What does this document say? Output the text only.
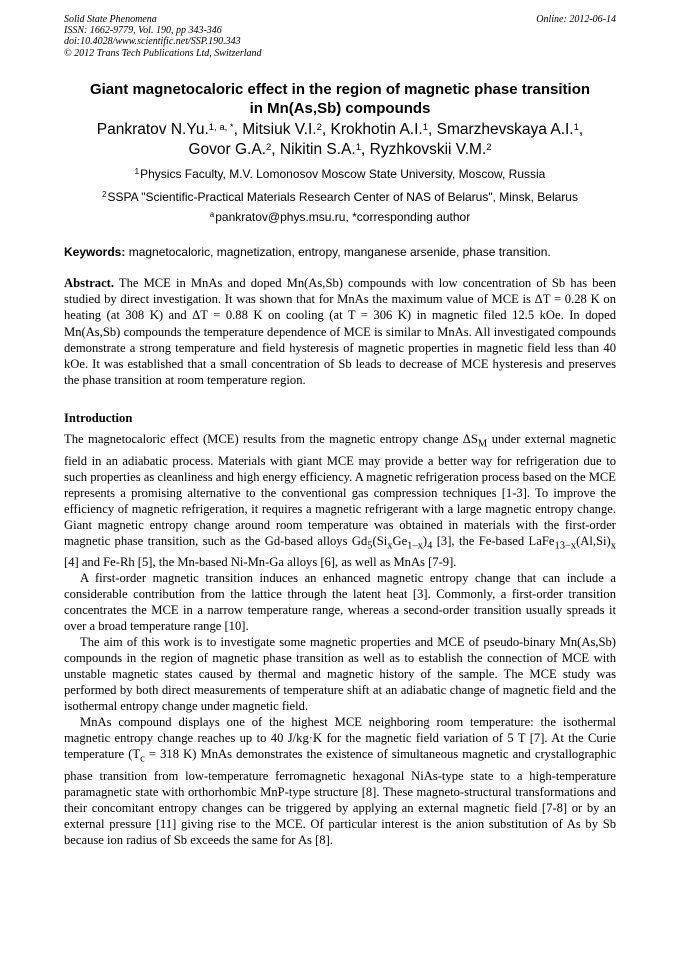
Solid State Phenomena
ISSN: 1662-9779, Vol. 190, pp 343-346
doi:10.4028/www.scientific.net/SSP.190.343
© 2012 Trans Tech Publications Ltd, Switzerland
Online: 2012-06-14
Giant magnetocaloric effect in the region of magnetic phase transition
in Mn(As,Sb) compounds
Pankratov N.Yu.$^{1, a, *}$, Mitsiuk V.I.$^2$, Krokhotin A.I.$^1$, Smarzhevskaya A.I.$^1$,
Govor G.A.$^2$, Nikitin S.A.$^1$, Ryzhkovskii V.M.$^2$
$^1$Physics Faculty, M.V. Lomonosov Moscow State University, Moscow, Russia
$^2$SSPA "Scientific-Practical Materials Research Center of NAS of Belarus", Minsk, Belarus
$^a$pankratov@phys.msu.ru, *corresponding author
Keywords: magnetocaloric, magnetization, entropy, manganese arsenide, phase transition.
Abstract. The MCE in MnAs and doped Mn(As,Sb) compounds with low concentration of Sb has been studied by direct investigation. It was shown that for MnAs the maximum value of MCE is ΔT = 0.28 K on heating (at 308 K) and ΔT = 0.88 K on cooling (at T = 306 K) in magnetic filed 12.5 kOe. In doped Mn(As,Sb) compounds the temperature dependence of MCE is similar to MnAs. All investigated compounds demonstrate a strong temperature and field hysteresis of magnetic properties in magnetic field less than 40 kOe. It was established that a small concentration of Sb leads to decrease of MCE hysteresis and preserves the phase transition at room temperature region.
Introduction

The magnetocaloric effect (MCE) results from the magnetic entropy change $\Delta S_M$ under external magnetic field in an adiabatic process. Materials with giant MCE may provide a better way for refrigeration due to such properties as cleanliness and high energy efficiency. A magnetic refrigeration process based on the MCE represents a promising alternative to the conventional gas compression techniques [1-3]. To improve the efficiency of magnetic refrigeration, it requires a magnetic refrigerant with a large magnetic entropy change. Giant magnetic entropy change around room temperature was obtained in materials with the first-order magnetic phase transition, such as the Gd-based alloys $Gd_5(Si_xGe_{1-x})_4$ [3], the Fe-based $LaFe_{13-x}(Al,Si)_x$ [4] and Fe-Rh [5], the Mn-based Ni-Mn-Ga alloys [6], as well as MnAs [7-9].

A first-order magnetic transition induces an enhanced magnetic entropy change that can include a considerable contribution from the lattice through the latent heat [3]. Commonly, a first-order transition concentrates the MCE in a narrow temperature range, whereas a second-order transition usually spreads it over a broad temperature range [10].

The aim of this work is to investigate some magnetic properties and MCE of pseudo-binary Mn(As,Sb) compounds in the region of magnetic phase transition as well as to establish the connection of MCE with unstable magnetic states caused by thermal and magnetic history of the sample. The MCE study was performed by both direct measurements of temperature shift at an adiabatic change of magnetic field and the isothermal entropy change under magnetic field.

MnAs compound displays one of the highest MCE neighboring room temperature: the isothermal magnetic entropy change reaches up to 40 J/kg·K for the magnetic field variation of 5 T [7]. At the Curie temperature ($T_c = 318$ K) MnAs demonstrates the existence of simultaneous magnetic and crystallographic phase transition from low-temperature ferromagnetic hexagonal NiAs-type state to a high-temperature paramagnetic state with orthorhombic MnP-type structure [8]. These magneto-structural transformations and their concomitant entropy changes can be triggered by applying an external magnetic field [7-8] or by an external pressure [11] giving rise to the MCE. Of particular interest is the anion substitution of As by Sb because ion radius of Sb exceeds the same for As [8].
